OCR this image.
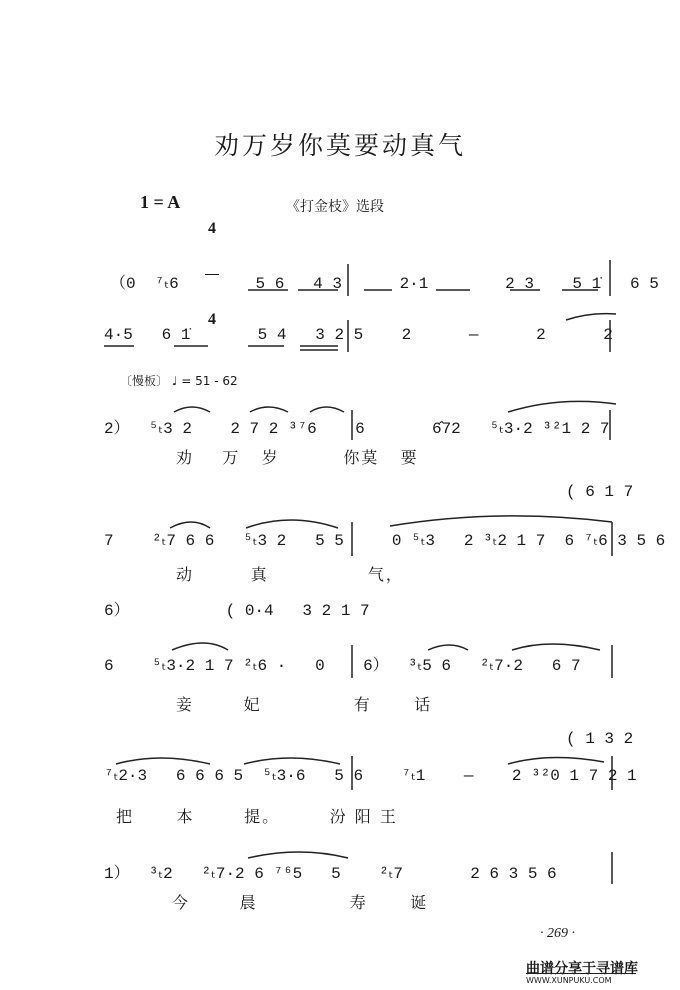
劝万岁你莫要动真气
1 = A

4

4

《打金枝》选段
（0  ⁷ₜ6        5 6   4 3      2·1        2 3    5 1̇   6 5
4·5   6 1̇       5 4   3 2 5    2      —      2      2
〔慢板〕 ♩ = 51 - 62
2）  ⁵ₜ3 2    2 7 2 ³⁷6    6       6̂72   ⁵ₜ3·2 ³²1 2 7
劝    万   岁         你莫   要
( 6 1 7
7    ²ₜ7 6 6   ⁵ₜ3 2   5 5     0 ⁵ₜ3   2 ³ₜ2 1 7  6 ⁷ₜ6 3 5 6
动        真              气，
6）          ( 0·4   3 2 1 7
6    ⁵ₜ3·2 1 7 ²ₜ6 ·   0    6）  ³ₜ5 6   ²ₜ7·2   6 7
妾       妃             有      话
( 1 3 2
⁷ₜ2·3   6 6 6 5  ⁵ₜ3·6   5 6    ⁷ₜ1    —    2 ³²0 1 7 2 1
把      本       提。       汾 阳 王
1）  ³ₜ2   ²ₜ7·2 6 ⁷⁶5   5    ²ₜ7       2 6 3 5 6
今       晨             寿      诞
· 269 ·
曲谱分享于寻谱库
WWW.XUNPUKU.COM
